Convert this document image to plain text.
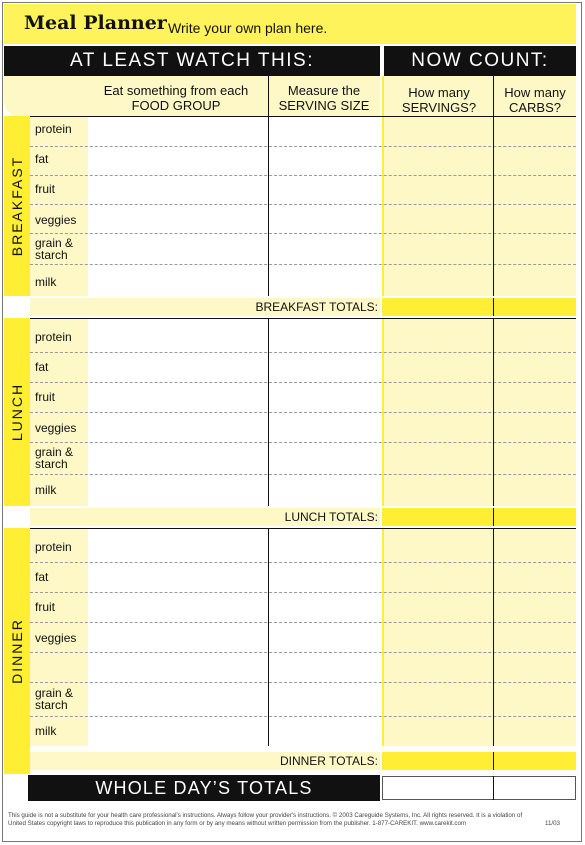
Meal Planner Write your own plan here.
AT LEAST WATCH THIS:	NOW COUNT:
Eat something from each
FOOD GROUP
Measure the
SERVING SIZE
How many
SERVINGS?
How many
CARBS?
BREAKFAST
protein
fat
fruit
veggies
grain &
starch
milk
BREAKFAST TOTALS:
LUNCH
protein
fat
fruit
veggies
grain &
starch
milk
LUNCH TOTALS:
DINNER
protein
fat
fruit
veggies
grain &
starch
milk
DINNER TOTALS:
WHOLE DAY’S TOTALS
This guide is not a substitute for your health care professional's instructions. Always follow your provider's instructions. © 2003 Careguide Systems, Inc. All rights reserved. It is a violation of
United States copyright laws to reproduce this publication in any form or by any means without written permission from the publisher. 1-877-CAREKIT. www.carekit.com	11/03
